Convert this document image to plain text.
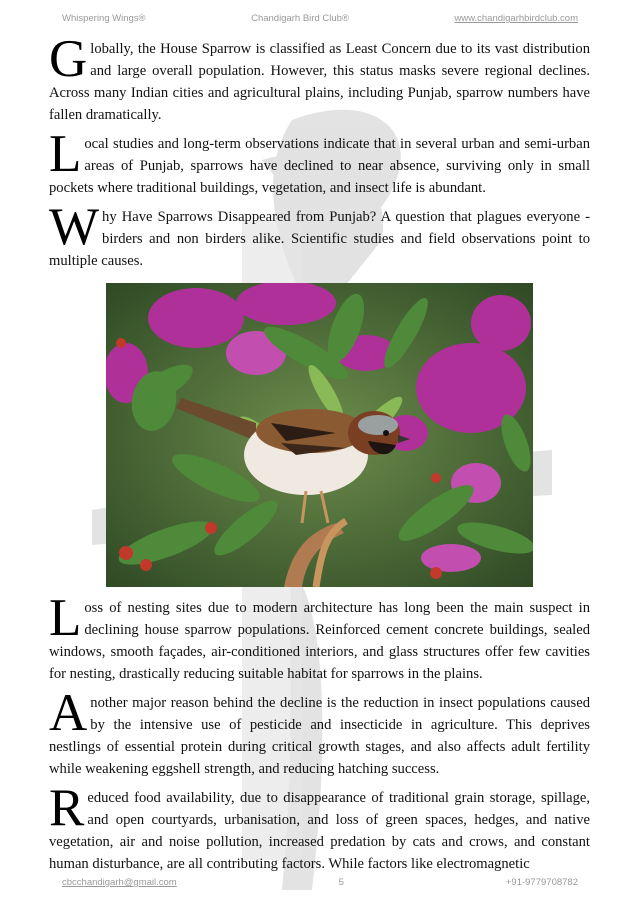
Whispering Wings®	Chandigarh Bird Club®	www.chandigarhbirdclub.com

Globally, the House Sparrow is classified as Least Concern due to its vast distribution and large overall population. However, this status masks severe regional declines. Across many Indian cities and agricultural plains, including Punjab, sparrow numbers have fallen dramatically.

Local studies and long-term observations indicate that in several urban and semi-urban areas of Punjab, sparrows have declined to near absence, surviving only in small pockets where traditional buildings, vegetation, and insect life is abundant.

Why Have Sparrows Disappeared from Punjab? A question that plagues everyone - birders and non birders alike. Scientific studies and field observations point to multiple causes.

Loss of nesting sites due to modern architecture has long been the main suspect in declining house sparrow populations. Reinforced cement concrete buildings, sealed windows, smooth façades, air-conditioned interiors, and glass structures offer few cavities for nesting, drastically reducing suitable habitat for sparrows in the plains.

Another major reason behind the decline is the reduction in insect populations caused by the intensive use of pesticide and insecticide in agriculture. This deprives nestlings of essential protein during critical growth stages, and also affects adult fertility while weakening eggshell strength, and reducing hatching success.

Reduced food availability, due to disappearance of traditional grain storage, spillage, and open courtyards, urbanisation, and loss of green spaces, hedges, and native vegetation, air and noise pollution, increased predation by cats and crows, and constant human disturbance, are all contributing factors. While factors like electromagnetic

cbcchandigarh@gmail.com	5	+91-9779708782
